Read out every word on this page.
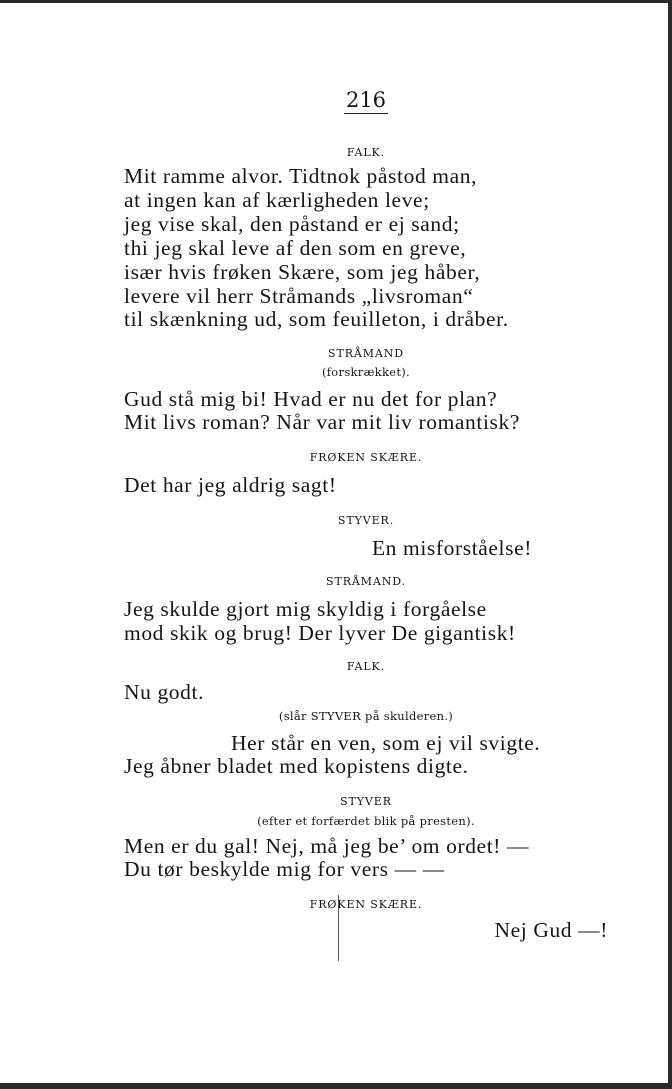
216
FALK.
Mit ramme alvor. Tidtnok påstod man,
at ingen kan af kærligheden leve;
jeg vise skal, den påstand er ej sand;
thi jeg skal leve af den som en greve,
især hvis frøken Skære, som jeg håber,
levere vil herr Stråmands „livsroman“
til skænkning ud, som feuilleton, i dråber.
STRÅMAND
(forskrækket).
Gud stå mig bi! Hvad er nu det for plan?
Mit livs roman? Når var mit liv romantisk?
FRØKEN SKÆRE.
Det har jeg aldrig sagt!
STYVER.
En misforståelse!
STRÅMAND.
Jeg skulde gjort mig skyldig i forgåelse
mod skik og brug! Der lyver De gigantisk!
FALK.
Nu godt.
(slår STYVER på skulderen.)
Her står en ven, som ej vil svigte.
Jeg åbner bladet med kopistens digte.
STYVER
(efter et forfærdet blik på presten).
Men er du gal! Nej, må jeg be’ om ordet! —
Du tør beskylde mig for vers — —
FRØKEN SKÆRE.
Nej Gud —!
